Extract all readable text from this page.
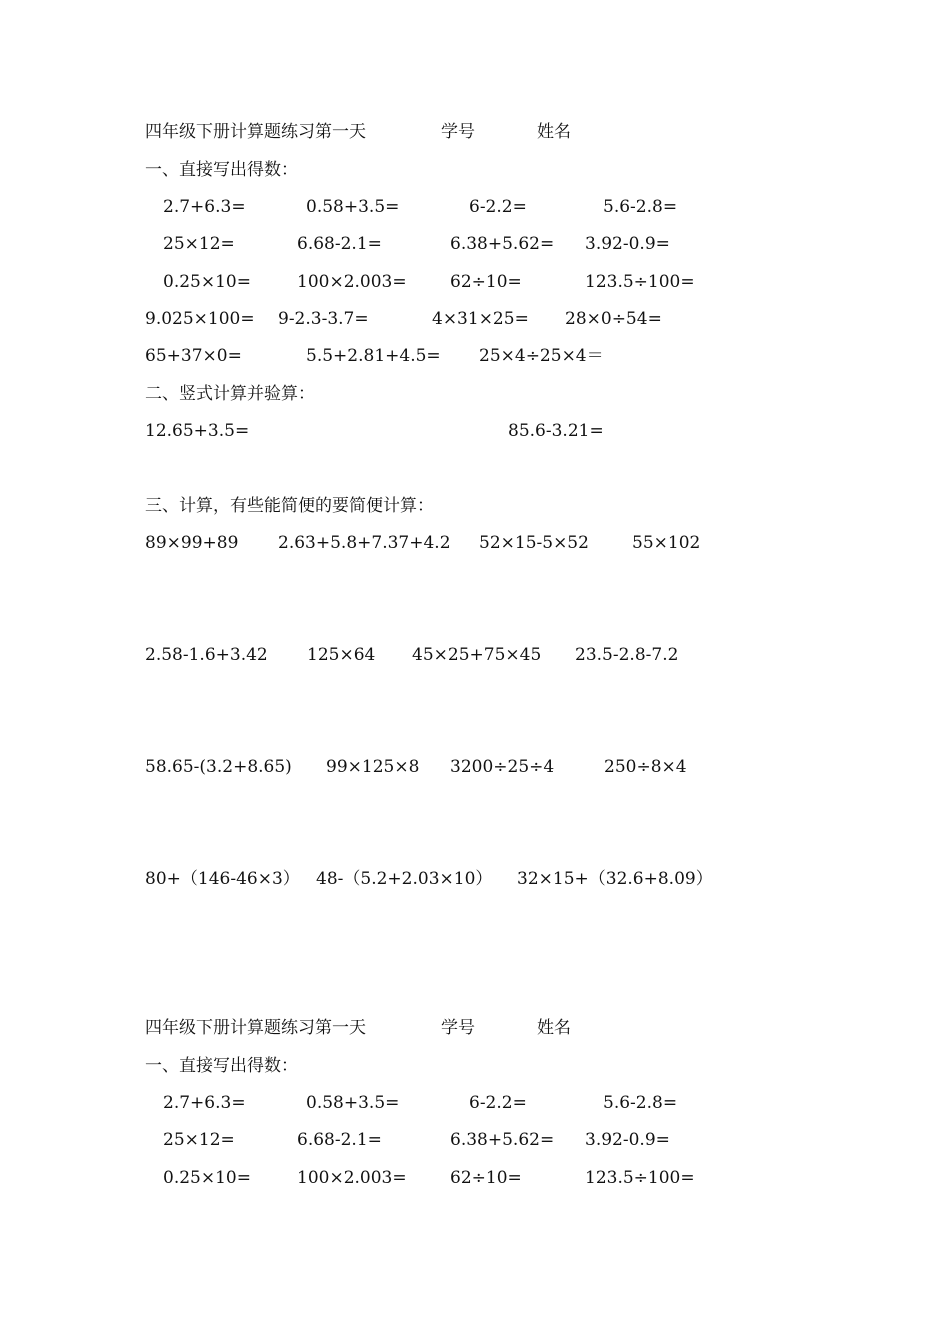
四年级下册计算题练习第一天	学号	姓名
一、直接写出得数：
2.7+6.3=	0.58+3.5=	6-2.2=	5.6-2.8=
25×12=	6.68-2.1=	6.38+5.62= 3.92-0.9=
0.25×10=	100×2.003=	62÷10=	123.5÷100=
9.025×100= 9-2.3-3.7=	4×31×25= 28×0÷54=
65+37×0=	5.5+2.81+4.5= 25×4÷25×4＝
二、竖式计算并验算：
12.65+3.5=	85.6-3.21=
三、计算，有些能简便的要简便计算：
89×99+89 2.63+5.8+7.37+4.2 52×15-5×52	55×102
2.58-1.6+3.42 125×64 45×25+75×45 23.5-2.8-7.2
58.65-(3.2+8.65) 99×125×8 3200÷25÷4	250÷8×4
80+（146-46×3） 48-（5.2+2.03×10） 32×15+（32.6+8.09）
四年级下册计算题练习第一天	学号	姓名
一、直接写出得数：
2.7+6.3=	0.58+3.5=	6-2.2=	5.6-2.8=
25×12=	6.68-2.1=	6.38+5.62= 3.92-0.9=
0.25×10=	100×2.003=	62÷10=	123.5÷100=
